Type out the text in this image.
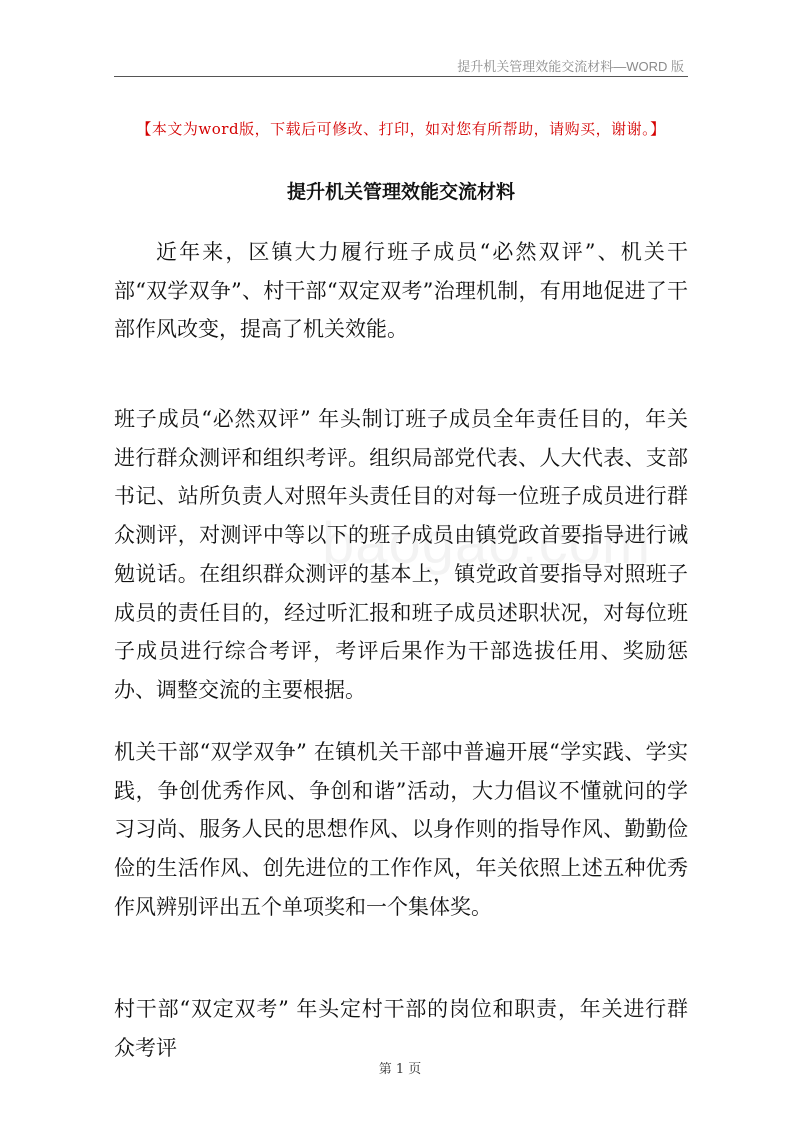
提升机关管理效能交流材料—WORD 版
【本文为word版，下载后可修改、打印，如对您有所帮助，请购买，谢谢。】
提升机关管理效能交流材料

近年来，区镇大力履行班子成员“必然双评”、机关干部“双学双争”、村干部“双定双考”治理机制，有用地促进了干部作风改变，提高了机关效能。

班子成员“必然双评” 年头制订班子成员全年责任目的，年关进行群众测评和组织考评。组织局部党代表、人大代表、支部书记、站所负责人对照年头责任目的对每一位班子成员进行群众测评，对测评中等以下的班子成员由镇党政首要指导进行诫勉说话。在组织群众测评的基本上，镇党政首要指导对照班子成员的责任目的，经过听汇报和班子成员述职状况，对每位班子成员进行综合考评，考评后果作为干部选拔任用、奖励惩办、调整交流的主要根据。

机关干部“双学双争” 在镇机关干部中普遍开展“学实践、学实践，争创优秀作风、争创和谐”活动，大力倡议不懂就问的学习习尚、服务人民的思想作风、以身作则的指导作风、勤勤俭俭的生活作风、创先进位的工作作风，年关依照上述五种优秀作风辨别评出五个单项奖和一个集体奖。

村干部“双定双考” 年头定村干部的岗位和职责，年关进行群众考评

第 1 页
